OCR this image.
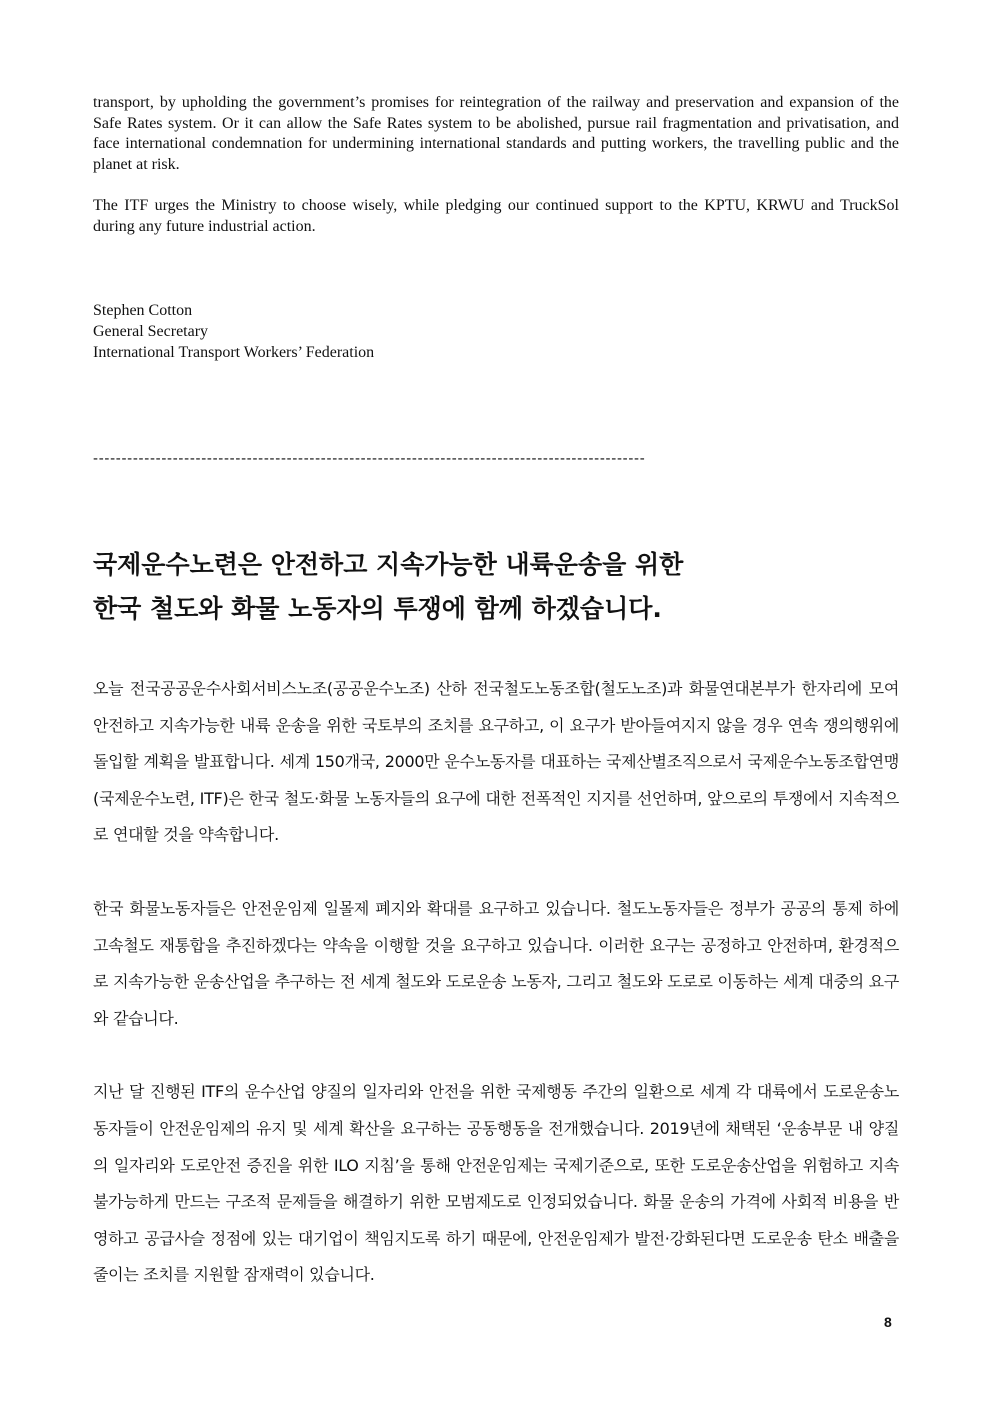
transport, by upholding the government’s promises for reintegration of the railway and preservation and expansion of the Safe Rates system. Or it can allow the Safe Rates system to be abolished, pursue rail fragmentation and privatisation, and face international condemnation for undermining international standards and putting workers, the travelling public and the planet at risk.

The ITF urges the Ministry to choose wisely, while pledging our continued support to the KPTU, KRWU and TruckSol during any future industrial action.

Stephen Cotton
General Secretary
International Transport Workers’ Federation
-------------------------------------------------------------------------------------------------
국제운수노련은 안전하고 지속가능한 내륙운송을 위한
한국 철도와 화물 노동자의 투쟁에 함께 하겠습니다.

오늘 전국공공운수사회서비스노조(공공운수노조) 산하 전국철도노동조합(철도노조)과 화물연대본부가 한자리에 모여 안전하고 지속가능한 내륙 운송을 위한 국토부의 조치를 요구하고, 이 요구가 받아들여지지 않을 경우 연속 쟁의행위에 돌입할 계획을 발표합니다. 세계 150개국, 2000만 운수노동자를 대표하는 국제산별조직으로서 국제운수노동조합연맹(국제운수노련, ITF)은 한국 철도·화물 노동자들의 요구에 대한 전폭적인 지지를 선언하며, 앞으로의 투쟁에서 지속적으로 연대할 것을 약속합니다.

한국 화물노동자들은 안전운임제 일몰제 폐지와 확대를 요구하고 있습니다. 철도노동자들은 정부가 공공의 통제 하에 고속철도 재통합을 추진하겠다는 약속을 이행할 것을 요구하고 있습니다. 이러한 요구는 공정하고 안전하며, 환경적으로 지속가능한 운송산업을 추구하는 전 세계 철도와 도로운송 노동자, 그리고 철도와 도로로 이동하는 세계 대중의 요구와 같습니다.

지난 달 진행된 ITF의 운수산업 양질의 일자리와 안전을 위한 국제행동 주간의 일환으로 세계 각 대륙에서 도로운송노동자들이 안전운임제의 유지 및 세계 확산을 요구하는 공동행동을 전개했습니다. 2019년에 채택된 ‘운송부문 내 양질의 일자리와 도로안전 증진을 위한 ILO 지침’을 통해 안전운임제는 국제기준으로, 또한 도로운송산업을 위험하고 지속 불가능하게 만드는 구조적 문제들을 해결하기 위한 모범제도로 인정되었습니다. 화물 운송의 가격에 사회적 비용을 반영하고 공급사슬 정점에 있는 대기업이 책임지도록 하기 때문에, 안전운임제가 발전·강화된다면 도로운송 탄소 배출을 줄이는 조치를 지원할 잠재력이 있습니다.

8
